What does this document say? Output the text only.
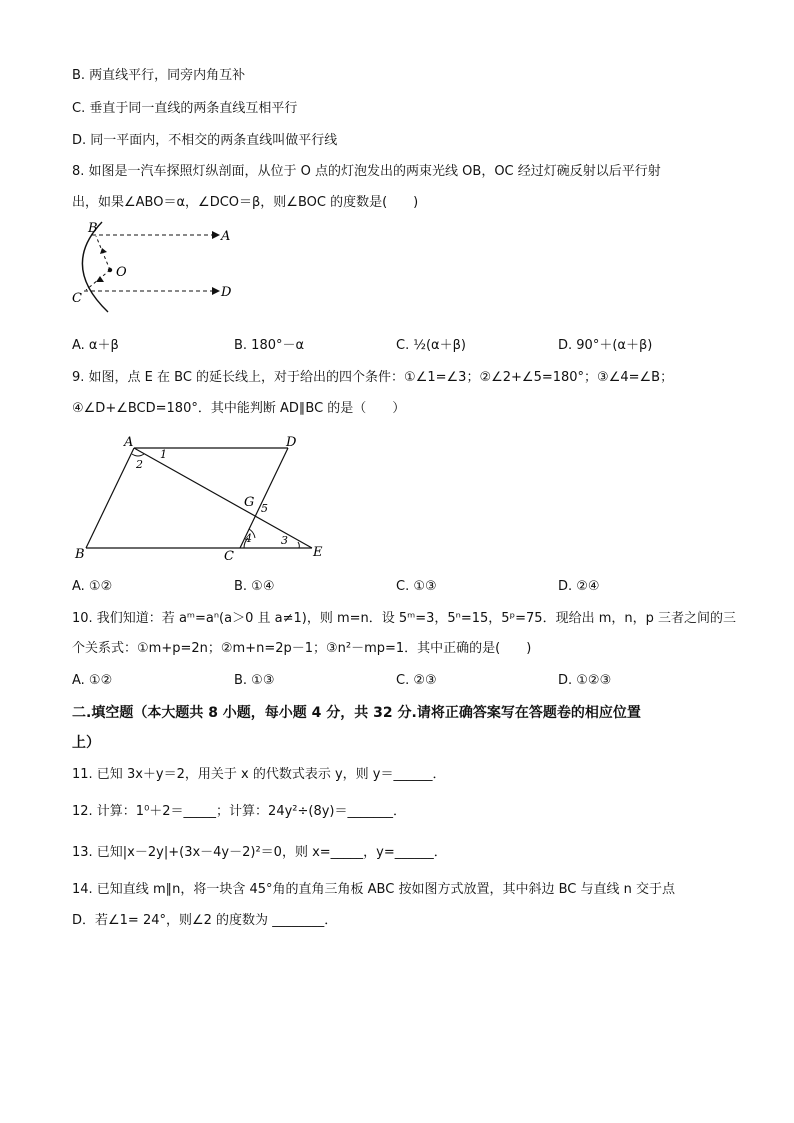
B. 两直线平行，同旁内角互补
C. 垂直于同一直线的两条直线互相平行
D. 同一平面内，不相交的两条直线叫做平行线
8. 如图是一汽车探照灯纵剖面，从位于 O 点的灯泡发出的两束光线 OB，OC 经过灯碗反射以后平行射
出，如果∠ABO＝α，∠DCO＝β，则∠BOC 的度数是(　　)
B
A
O
C	D
A. α＋β	B. 180°－α	C. ½(α＋β)	D. 90°＋(α＋β)
9. 如图，点 E 在 BC 的延长线上，对于给出的四个条件：①∠1=∠3；②∠2+∠5=180°；③∠4=∠B；
④∠D+∠BCD=180°．其中能判断 AD∥BC 的是（　　）
A	D
B	C	E
G
1
2
3
4
5
A. ①②	B. ①④	C. ①③	D. ②④
10. 我们知道：若 aᵐ=aⁿ(a＞0 且 a≠1)，则 m=n．设 5ᵐ=3，5ⁿ=15，5ᵖ=75．现给出 m，n，p 三者之间的三
个关系式：①m+p=2n；②m+n=2p－1；③n²－mp=1．其中正确的是(　　)
A. ①②	B. ①③	C. ②③	D. ①②③
二.填空题（本大题共 8 小题，每小题 4 分，共 32 分.请将正确答案写在答题卷的相应位置
上）
11. 已知 3x＋y＝2，用关于 x 的代数式表示 y，则 y＝______．
12. 计算：1⁰＋2＝_____；计算：24y²÷(8y)＝_______．
13. 已知|x－2y|+(3x－4y－2)²＝0，则 x=_____，y=______．
14. 已知直线 m∥n，将一块含 45°角的直角三角板 ABC 按如图方式放置，其中斜边 BC 与直线 n 交于点
D．若∠1= 24°，则∠2 的度数为 ________．
